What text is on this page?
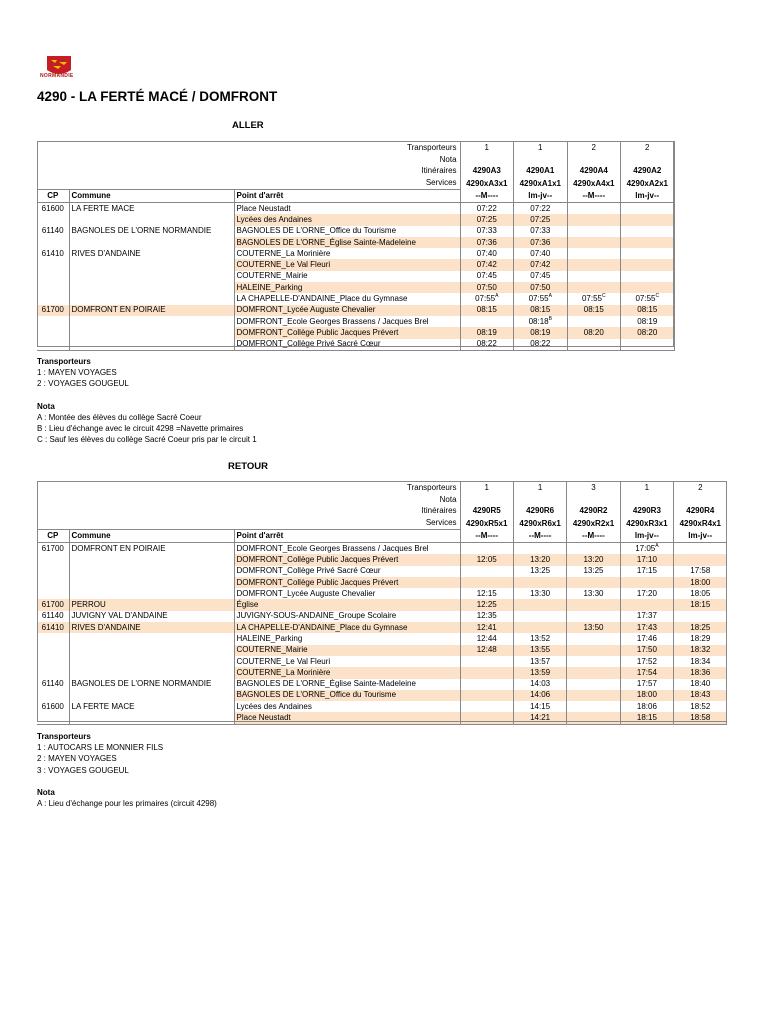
NORMANDIE
4290 - LA FERTÉ MACÉ / DOMFRONT
ALLER
Transporteurs			1	1	2	2
Nota						
Itinéraires			4290A3	4290A1	4290A4	4290A2
Services			4290xA3x1	4290xA1x1	4290xA4x1	4290xA2x1
CP	Commune	Point d'arrêt	--M----	lm-jv--	--M----	lm-jv--
61600	LA FERTE MACE	Place Neustadt	07:22	07:22		
		Lycées des Andaines	07:25	07:25		
61140	BAGNOLES DE L'ORNE NORMANDIE	BAGNOLES DE L'ORNE_Office du Tourisme	07:33	07:33		
		BAGNOLES DE L'ORNE_Église Sainte-Madeleine	07:36	07:36		
61410	RIVES D'ANDAINE	COUTERNE_La Morinière	07:40	07:40		
		COUTERNE_Le Val Fleuri	07:42	07:42		
		COUTERNE_Mairie	07:45	07:45		
		HALEINE_Parking	07:50	07:50		
		LA CHAPELLE-D'ANDAINE_Place du Gymnase	$07:55^A$	$07:55^A$	$07:55^C$	$07:55^C$
61700	DOMFRONT EN POIRAIE	DOMFRONT_Lycée Auguste Chevalier	08:15	08:15	08:15	08:15
		DOMFRONT_Ecole Georges Brassens / Jacques Brel		$08:18^B$		08:19
		DOMFRONT_Collège Public Jacques Prévert	08:19	08:19	08:20	08:20
		DOMFRONT_Collège Privé Sacré Cœur	08:22	08:22		
Transporteurs
1 : MAYEN VOYAGES
2 : VOYAGES GOUGEUL
Nota
A : Montée des élèves du collège Sacré Coeur
B : Lieu d'échange avec le circuit 4298 =Navette primaires
C : Sauf les élèves du collège Sacré Coeur pris par le circuit 1
RETOUR
Transporteurs			1	1	3	1	2
Nota							
Itinéraires			4290R5	4290R6	4290R2	4290R3	4290R4
Services			4290xR5x1	4290xR6x1	4290xR2x1	4290xR3x1	4290xR4x1
CP	Commune	Point d'arrêt	--M----	--M----	--M----	lm-jv--	lm-jv--
61700	DOMFRONT EN POIRAIE	DOMFRONT_Ecole Georges Brassens / Jacques Brel				$17:05^A$	
		DOMFRONT_Collège Public Jacques Prévert	12:05	13:20	13:20	17:10	
		DOMFRONT_Collège Privé Sacré Cœur		13:25	13:25	17:15	17:58
		DOMFRONT_Collège Public Jacques Prévert					18:00
		DOMFRONT_Lycée Auguste Chevalier	12:15	13:30	13:30	17:20	18:05
61700	PERROU	Église	12:25				18:15
61140	JUVIGNY VAL D'ANDAINE	JUVIGNY-SOUS-ANDAINE_Groupe Scolaire	12:35			17:37	
61410	RIVES D'ANDAINE	LA CHAPELLE-D'ANDAINE_Place du Gymnase	12:41		13:50	17:43	18:25
		HALEINE_Parking	12:44	13:52		17:46	18:29
		COUTERNE_Mairie	12:48	13:55		17:50	18:32
		COUTERNE_Le Val Fleuri		13:57		17:52	18:34
		COUTERNE_La Morinière		13:59		17:54	18:36
61140	BAGNOLES DE L'ORNE NORMANDIE	BAGNOLES DE L'ORNE_Église Sainte-Madeleine		14:03		17:57	18:40
		BAGNOLES DE L'ORNE_Office du Tourisme		14:06		18:00	18:43
61600	LA FERTE MACE	Lycées des Andaines		14:15		18:06	18:52
		Place Neustadt		14:21		18:15	18:58
Transporteurs
1 : AUTOCARS LE MONNIER FILS
2 : MAYEN VOYAGES
3 : VOYAGES GOUGEUL
Nota
A : Lieu d'échange pour les primaires (circuit 4298)
